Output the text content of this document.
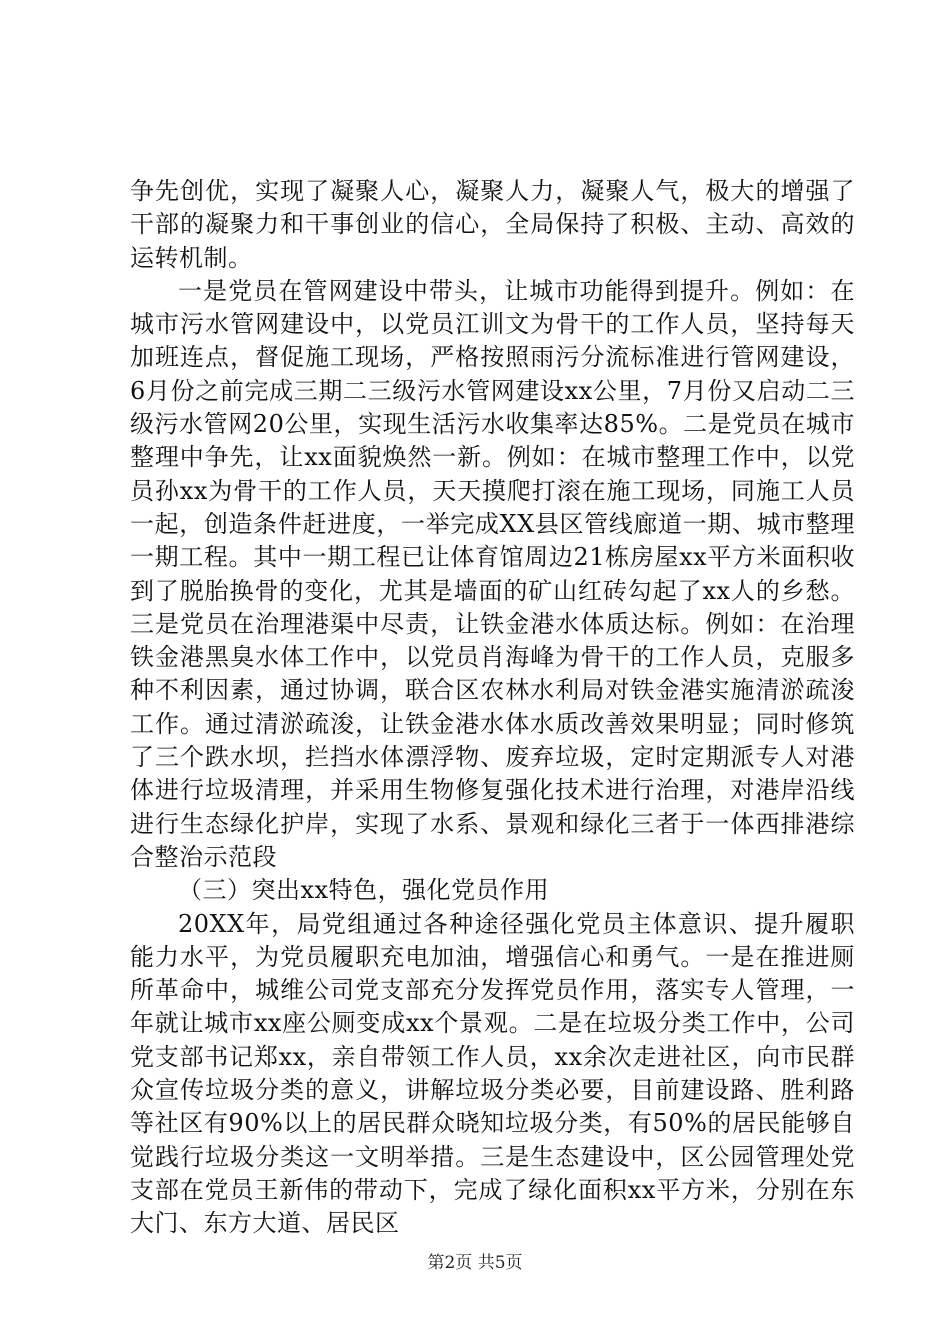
争先创优，实现了凝聚人心，凝聚人力，凝聚人气，极大的增强了干部的凝聚力和干事创业的信心，全局保持了积极、主动、高效的运转机制。

一是党员在管网建设中带头，让城市功能得到提升。例如：在城市污水管网建设中，以党员江训文为骨干的工作人员，坚持每天加班连点，督促施工现场，严格按照雨污分流标准进行管网建设，6月份之前完成三期二三级污水管网建设xx公里，7月份又启动二三级污水管网20公里，实现生活污水收集率达85%。二是党员在城市整理中争先，让xx面貌焕然一新。例如：在城市整理工作中，以党员孙xx为骨干的工作人员，天天摸爬打滚在施工现场，同施工人员一起，创造条件赶进度，一举完成XX县区管线廊道一期、城市整理一期工程。其中一期工程已让体育馆周边21栋房屋xx平方米面积收到了脱胎换骨的变化，尤其是墙面的矿山红砖勾起了xx人的乡愁。三是党员在治理港渠中尽责，让铁金港水体质达标。例如：在治理铁金港黑臭水体工作中，以党员肖海峰为骨干的工作人员，克服多种不利因素，通过协调，联合区农林水利局对铁金港实施清淤疏浚工作。通过清淤疏浚，让铁金港水体水质改善效果明显；同时修筑了三个跌水坝，拦挡水体漂浮物、废弃垃圾，定时定期派专人对港体进行垃圾清理，并采用生物修复强化技术进行治理，对港岸沿线进行生态绿化护岸，实现了水系、景观和绿化三者于一体西排港综合整治示范段

（三）突出xx特色，强化党员作用

20XX年，局党组通过各种途径强化党员主体意识、提升履职能力水平，为党员履职充电加油，增强信心和勇气。一是在推进厕所革命中，城维公司党支部充分发挥党员作用，落实专人管理，一年就让城市xx座公厕变成xx个景观。二是在垃圾分类工作中，公司党支部书记郑xx，亲自带领工作人员，xx余次走进社区，向市民群众宣传垃圾分类的意义，讲解垃圾分类必要，目前建设路、胜利路等社区有90%以上的居民群众晓知垃圾分类，有50%的居民能够自觉践行垃圾分类这一文明举措。三是生态建设中，区公园管理处党支部在党员王新伟的带动下，完成了绿化面积xx平方米，分别在东大门、东方大道、居民区

第2页 共5页
